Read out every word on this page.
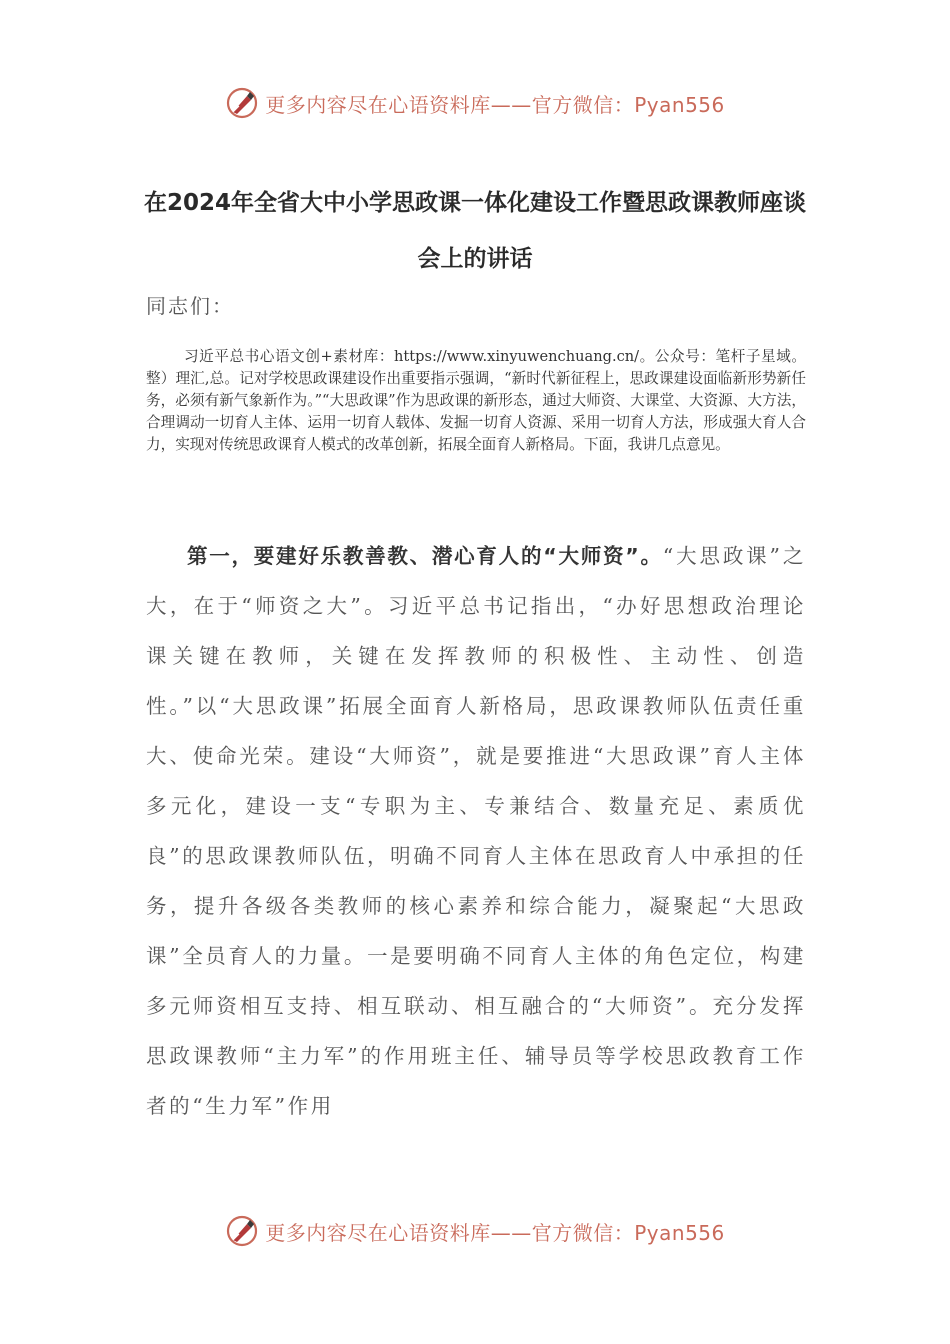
更多内容尽在心语资料库——官方微信：Pyan556
在2024年全省大中小学思政课一体化建设工作暨思政课教师座谈会上的讲话

同志们：

习近平总书心语文创+素材库：https://www.xinyuwenchuang.cn/。公众号：笔杆子星域。整）理汇,总。记对学校思政课建设作出重要指示强调，“新时代新征程上，思政课建设面临新形势新任务，必须有新气象新作为。”“大思政课”作为思政课的新形态，通过大师资、大课堂、大资源、大方法，合理调动一切育人主体、运用一切育人载体、发掘一切育人资源、采用一切育人方法，形成强大育人合力，实现对传统思政课育人模式的改革创新，拓展全面育人新格局。下面，我讲几点意见。

第一，要建好乐教善教、潜心育人的“大师资”。“大思政课”之大，在于“师资之大”。习近平总书记指出，“办好思想政治理论课关键在教师，关键在发挥教师的积极性、主动性、创造性。”以“大思政课”拓展全面育人新格局，思政课教师队伍责任重大、使命光荣。建设“大师资”，就是要推进“大思政课”育人主体多元化，建设一支“专职为主、专兼结合、数量充足、素质优良”的思政课教师队伍，明确不同育人主体在思政育人中承担的任务，提升各级各类教师的核心素养和综合能力，凝聚起“大思政课”全员育人的力量。一是要明确不同育人主体的角色定位，构建多元师资相互支持、相互联动、相互融合的“大师资”。充分发挥思政课教师“主力军”的作用班主任、辅导员等学校思政教育工作者的“生力军”作用

更多内容尽在心语资料库——官方微信：Pyan556
